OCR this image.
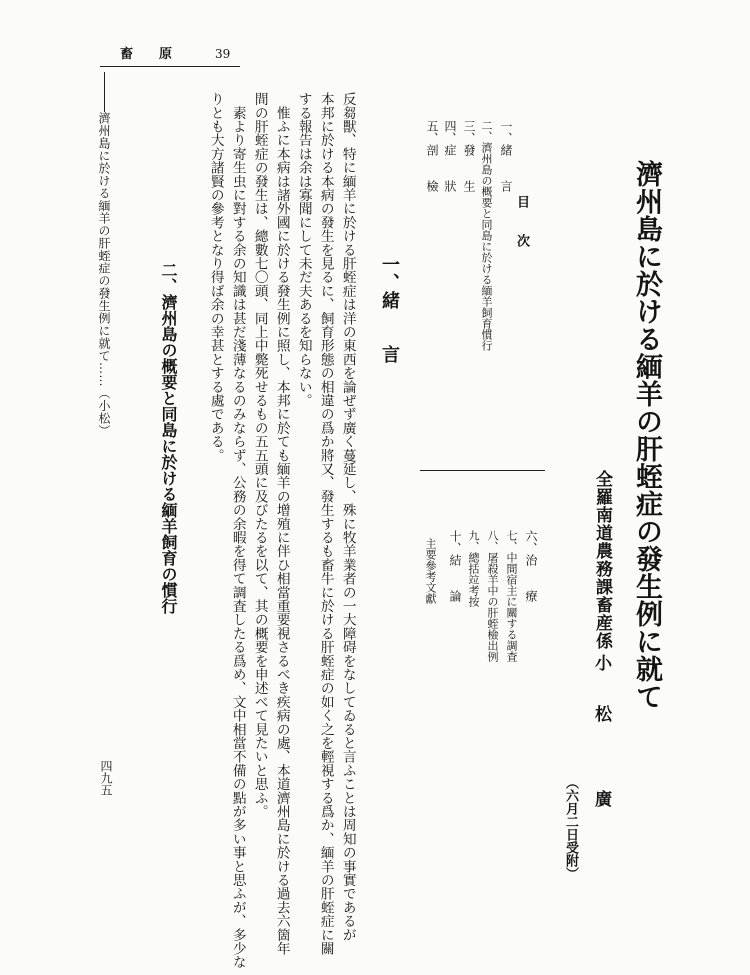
畜　　原	39
濟州島に於ける緬羊の肝蛭症の發生例に就て……（小松）
四九五
濟州島に於ける緬羊の肝蛭症の發生例に就て
全羅南道農務課畜産係
小　　松　　　　廣
（六月二日受附）
目　　次
一、緒　　言
二、濟州島の概要と同島に於ける緬羊飼育慣行
三、發　　生
四、症　　狀
五、剖　　檢
六、治　　療
七、中間宿主に關する調査
八、屠殺羊中の肝蛭檢出例
九、總括竝考按
十、結　　論
主要參考文獻
一、緒　　言
反芻獸、特に緬羊に於ける肝蛭症は洋の東西を論ぜず廣く蔓延し、殊に牧羊業者の一大障碍をなしてゐると言ふことは周知の事實であるが
本邦に於ける本病の發生を見るに、飼育形態の相違の爲か將又、發生するも畜牛に於ける肝蛭症の如く之を輕視する爲か、緬羊の肝蛭症に關
する報告は余は寡聞にして未だ夫あるを知らない。
　惟ふに本病は諸外國に於ける發生例に照し、本邦に於ても緬羊の增殖に伴ひ相當重要視さるべき疾病の處、本道濟州島に於ける過去六箇年
間の肝蛭症の發生は、總數七〇頭、同上中斃死せるもの五五頭に及びたるを以て、其の概要を申述べて見たいと思ふ。
　素より寄生虫に對する余の知識は甚だ淺薄なるのみならず、公務の余暇を得て調査したる爲め、文中相當不備の點が多い事と思ふが、多少な
りとも大方諸賢の參考となり得ば余の幸甚とする處である。
二、濟州島の概要と同島に於ける緬羊飼育の慣行
